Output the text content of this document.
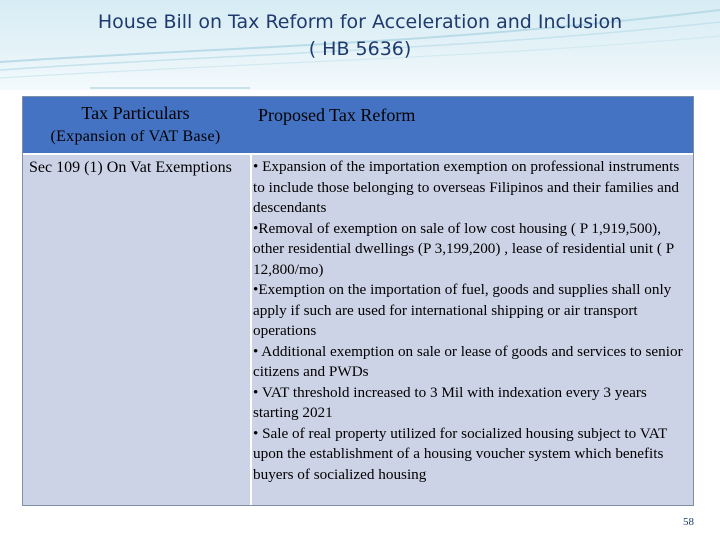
House Bill on Tax Reform for Acceleration and Inclusion
( HB 5636)
Tax Particulars
(Expansion of VAT Base)
Proposed Tax Reform
Sec 109 (1) On Vat Exemptions	• Expansion of the importation exemption on professional instruments to include those belonging to overseas Filipinos and their families and descendants

•Removal of exemption on sale of low cost housing ( P 1,919,500), other residential dwellings (P 3,199,200) , lease of residential unit ( P 12,800/mo)

•Exemption on the importation of fuel, goods and supplies shall only apply if such are used for international shipping or air transport operations

• Additional exemption on sale or lease of goods and services to senior citizens and PWDs

• VAT threshold increased to 3 Mil with indexation every 3 years starting 2021

• Sale of real property utilized for socialized housing subject to VAT upon the establishment of a housing voucher system which benefits buyers of socialized housing

58
